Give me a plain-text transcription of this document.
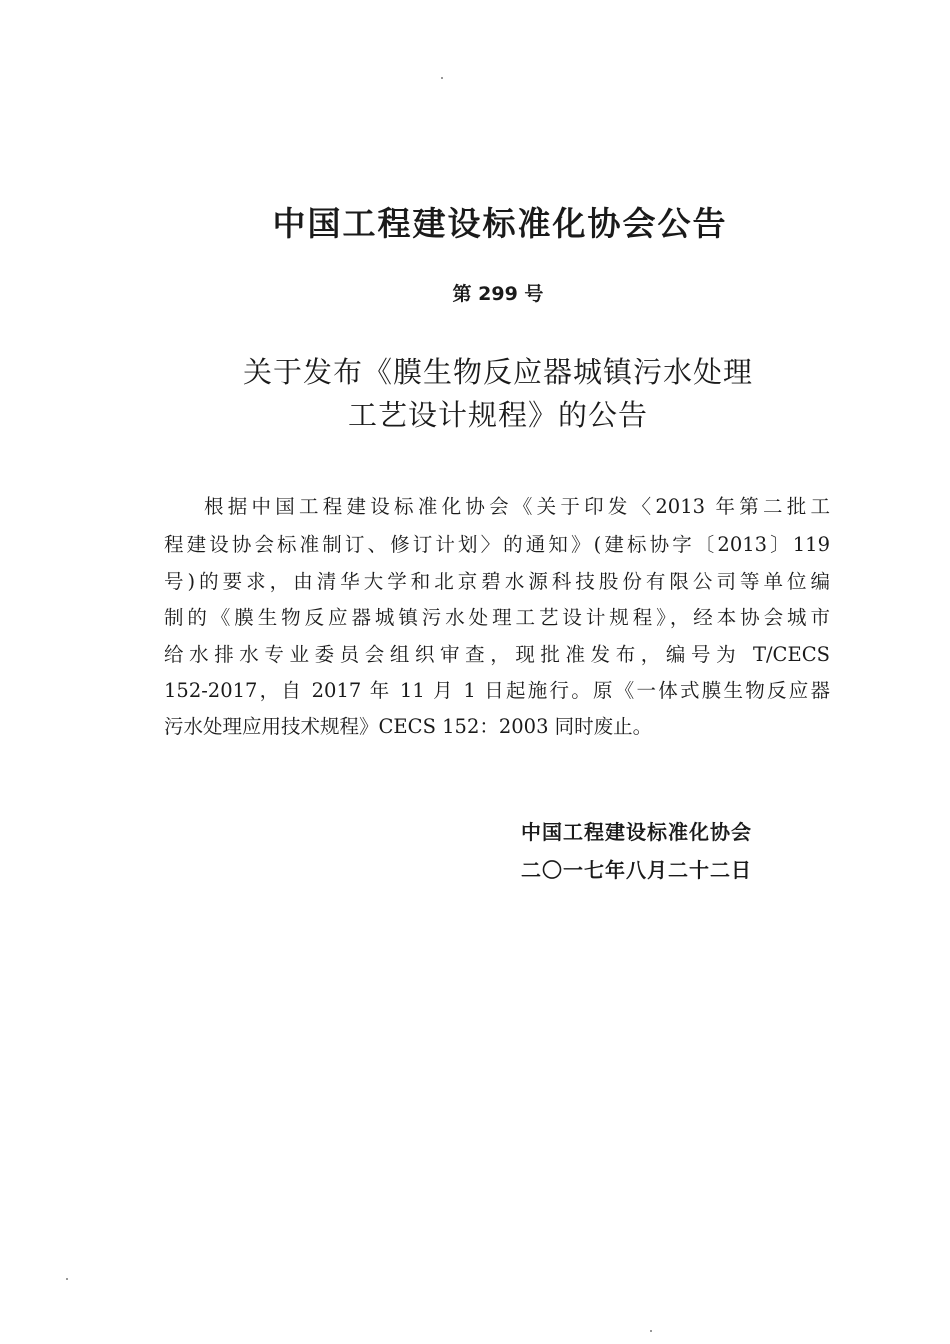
中国工程建设标准化协会公告
第 299 号
关于发布《膜生物反应器城镇污水处理
工艺设计规程》的公告
根据中国工程建设标准化协会《关于印发〈2013 年第二批工
程建设协会标准制订、修订计划〉的通知》(建标协字〔2013〕119
号)的要求，由清华大学和北京碧水源科技股份有限公司等单位编
制的《膜生物反应器城镇污水处理工艺设计规程》，经本协会城市
给水排水专业委员会组织审查，现批准发布，编号为 T/CECS
152-2017，自 2017 年 11 月 1 日起施行。原《一体式膜生物反应器
污水处理应用技术规程》CECS 152：2003 同时废止。
中国工程建设标准化协会
二〇一七年八月二十二日
